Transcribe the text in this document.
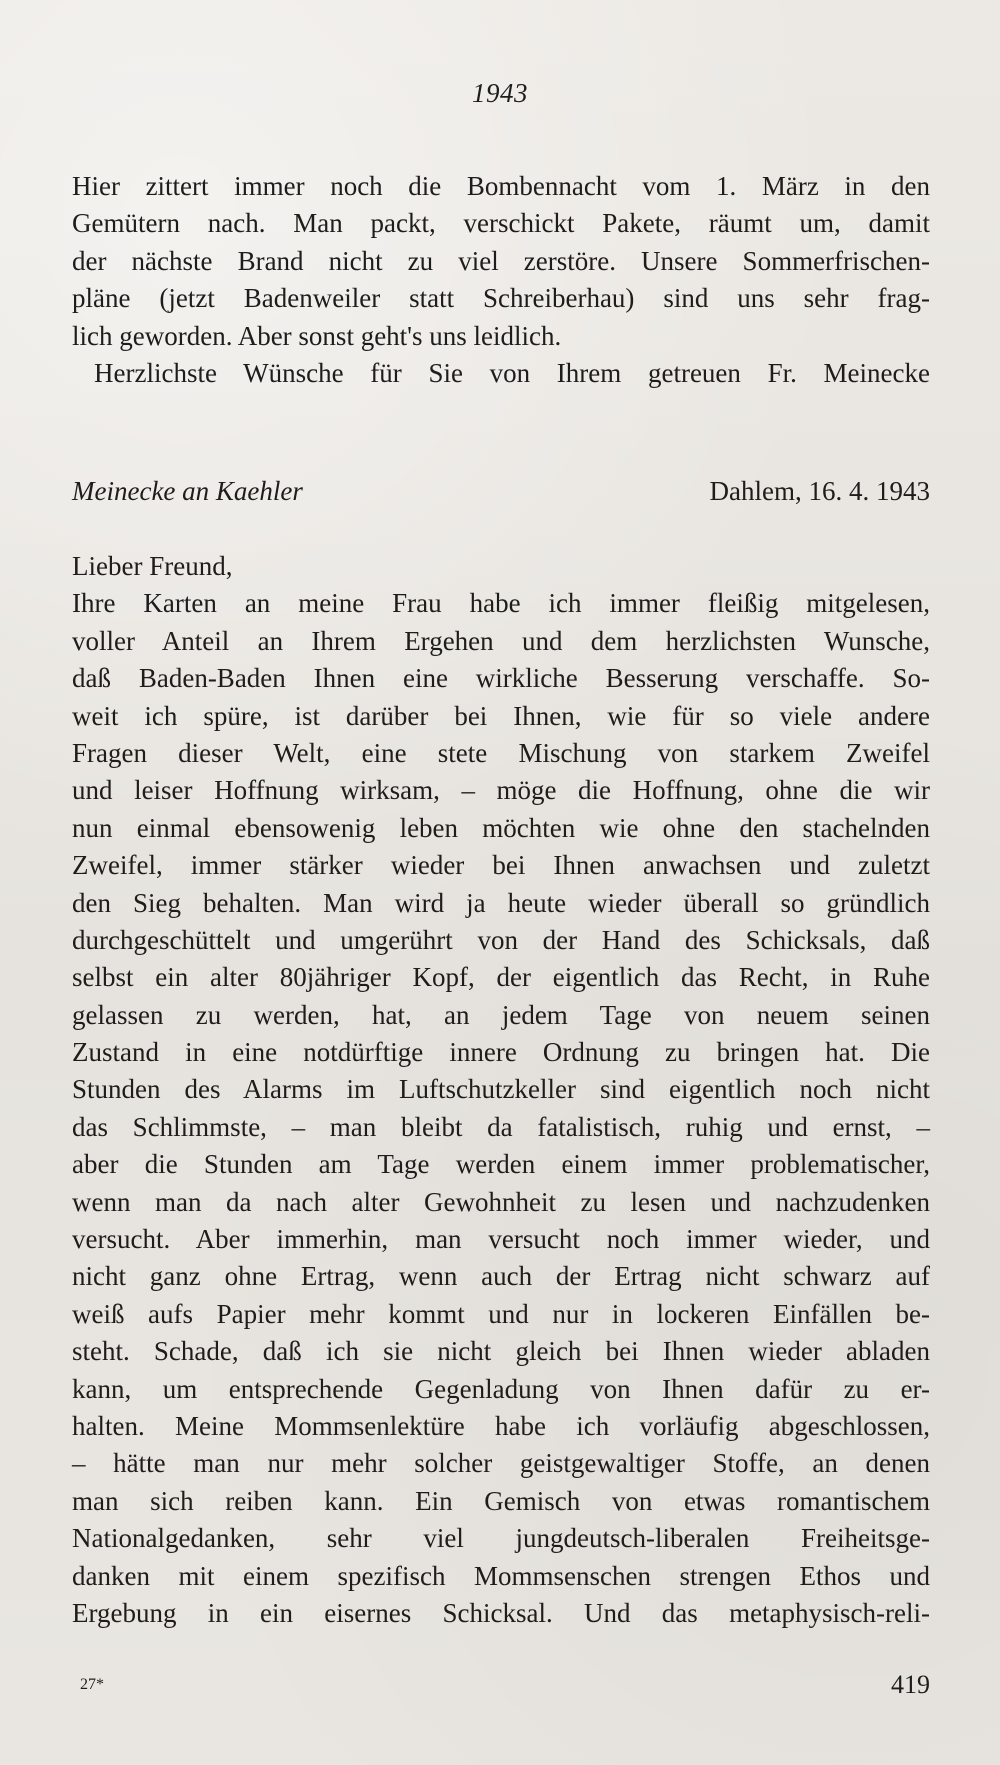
1943
Hier zittert immer noch die Bombennacht vom 1. März in den
Gemütern nach. Man packt, verschickt Pakete, räumt um, damit
der nächste Brand nicht zu viel zerstöre. Unsere Sommerfrischen-
pläne (jetzt Badenweiler statt Schreiberhau) sind uns sehr frag-
lich geworden. Aber sonst geht's uns leidlich.
Herzlichste Wünsche für Sie von Ihrem getreuen Fr. Meinecke
Meinecke an Kaehler	Dahlem, 16. 4. 1943
Lieber Freund,
Ihre Karten an meine Frau habe ich immer fleißig mitgelesen,
voller Anteil an Ihrem Ergehen und dem herzlichsten Wunsche,
daß Baden-Baden Ihnen eine wirkliche Besserung verschaffe. So-
weit ich spüre, ist darüber bei Ihnen, wie für so viele andere
Fragen dieser Welt, eine stete Mischung von starkem Zweifel
und leiser Hoffnung wirksam, – möge die Hoffnung, ohne die wir
nun einmal ebensowenig leben möchten wie ohne den stachelnden
Zweifel, immer stärker wieder bei Ihnen anwachsen und zuletzt
den Sieg behalten. Man wird ja heute wieder überall so gründlich
durchgeschüttelt und umgerührt von der Hand des Schicksals, daß
selbst ein alter 80jähriger Kopf, der eigentlich das Recht, in Ruhe
gelassen zu werden, hat, an jedem Tage von neuem seinen
Zustand in eine notdürftige innere Ordnung zu bringen hat. Die
Stunden des Alarms im Luftschutzkeller sind eigentlich noch nicht
das Schlimmste, – man bleibt da fatalistisch, ruhig und ernst, –
aber die Stunden am Tage werden einem immer problematischer,
wenn man da nach alter Gewohnheit zu lesen und nachzudenken
versucht. Aber immerhin, man versucht noch immer wieder, und
nicht ganz ohne Ertrag, wenn auch der Ertrag nicht schwarz auf
weiß aufs Papier mehr kommt und nur in lockeren Einfällen be-
steht. Schade, daß ich sie nicht gleich bei Ihnen wieder abladen
kann, um entsprechende Gegenladung von Ihnen dafür zu er-
halten. Meine Mommsenlektüre habe ich vorläufig abgeschlossen,
– hätte man nur mehr solcher geistgewaltiger Stoffe, an denen
man sich reiben kann. Ein Gemisch von etwas romantischem
Nationalgedanken, sehr viel jungdeutsch-liberalen Freiheitsge-
danken mit einem spezifisch Mommsenschen strengen Ethos und
Ergebung in ein eisernes Schicksal. Und das metaphysisch-reli-
27*	419
